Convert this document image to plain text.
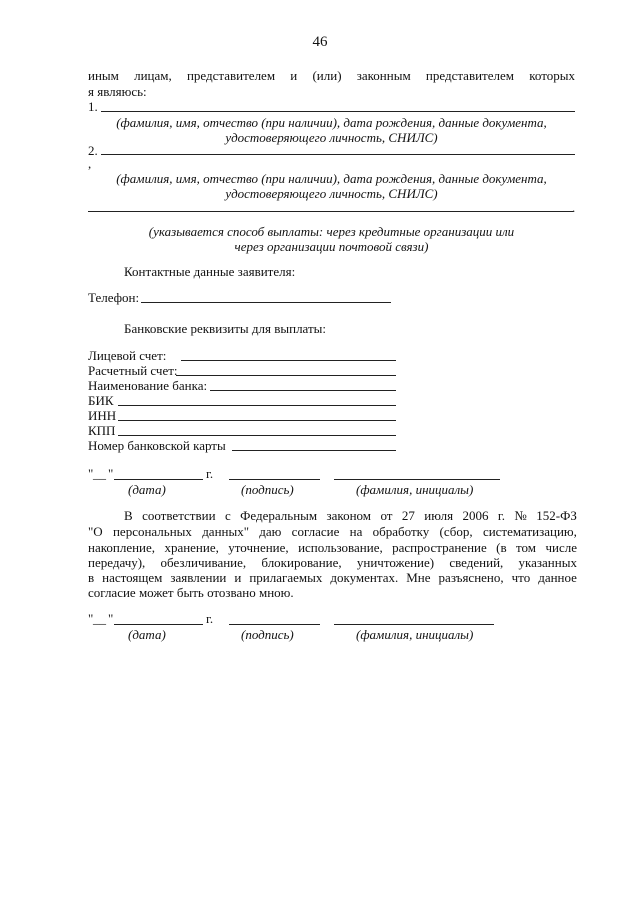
46
иным лицам, представителем и (или) законным представителем которых
я являюсь:
1.
(фамилия, имя, отчество (при наличии), дата рождения, данные документа,
удостоверяющего личность, СНИЛС)
2.
,
(фамилия, имя, отчество (при наличии), дата рождения, данные документа,
удостоверяющего личность, СНИЛС)
.
(указывается способ выплаты: через кредитные организации или
через организации почтовой связи)
Контактные данные заявителя:
Телефон:
Банковские реквизиты для выплаты:
Лицевой счет:
Расчетный счет:
Наименование банка:
БИК
ИНН
КПП
Номер банковской карты
" __ "	г.
(дата)	(подпись)	(фамилия, инициалы)
В соответствии с Федеральным законом от 27 июля 2006 г. № 152-ФЗ
"О персональных данных" даю согласие на обработку (сбор, систематизацию,
накопление, хранение, уточнение, использование, распространение (в том числе
передачу), обезличивание, блокирование, уничтожение) сведений, указанных
в настоящем заявлении и прилагаемых документах. Мне разъяснено, что данное
согласие может быть отозвано мною.
" __ "	г.
(дата)	(подпись)	(фамилия, инициалы)
